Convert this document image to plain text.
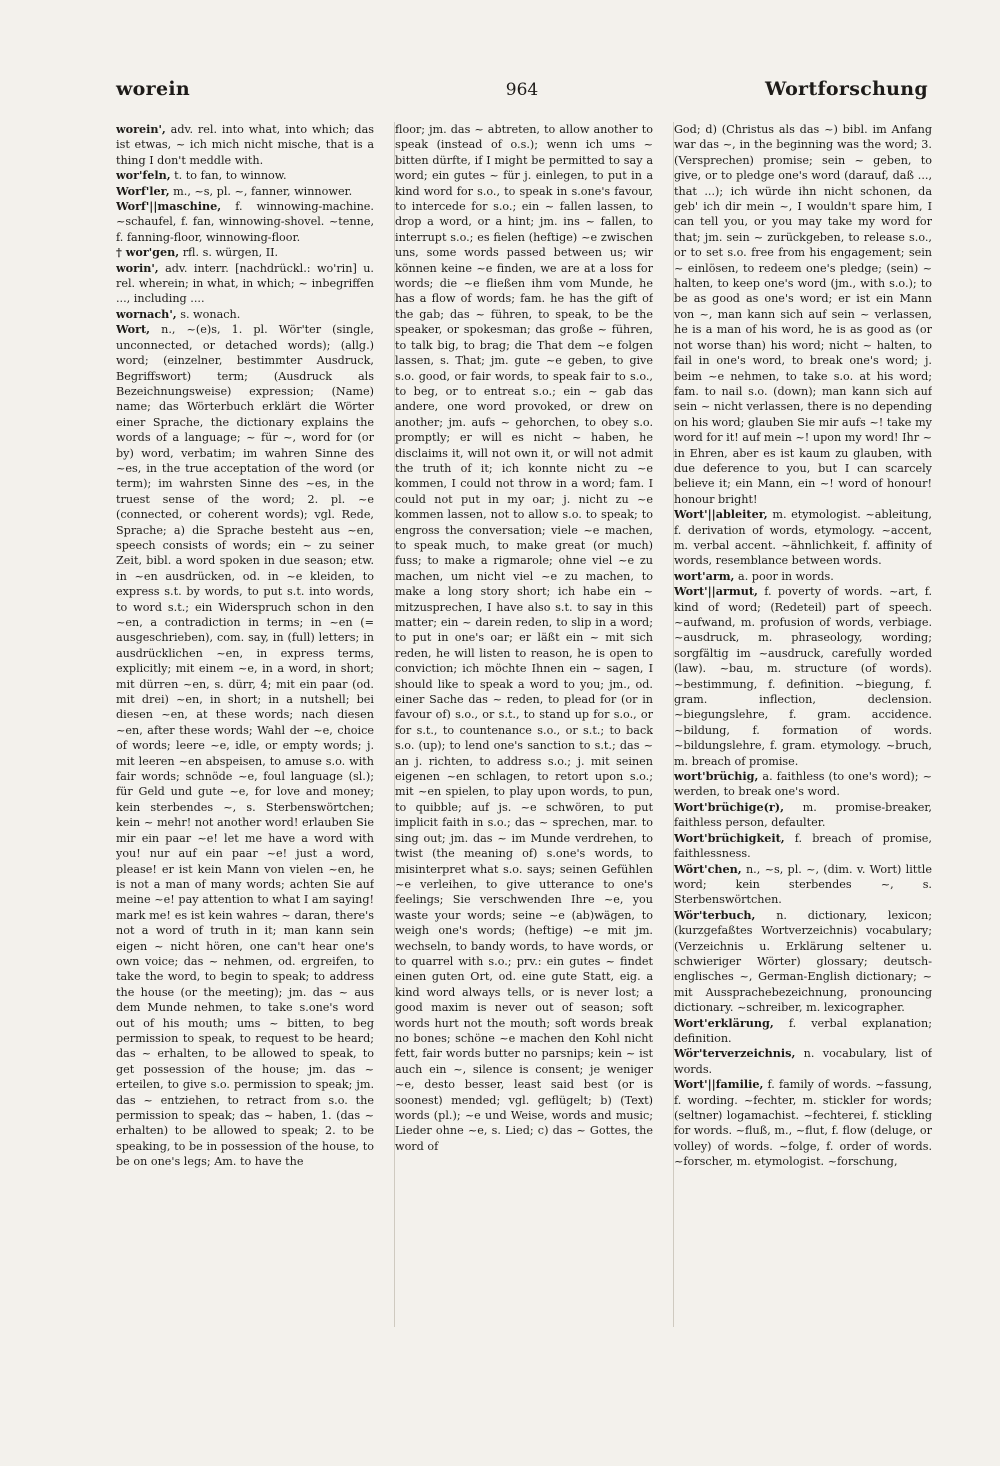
worein	964	Wortforschung

worein', adv. rel. into what, into which; das ist etwas, ~ ich mich nicht mische, that is a thing I don't meddle with.

wor'feln, t. to fan, to winnow.

Worf'ler, m., ~s, pl. ~, fanner, winnower.

Worf'||maschine, f. winnowing-machine. ~schaufel, f. fan, winnowing-shovel. ~tenne, f. fanning-floor, winnowing-floor.

† wor'gen, rfl. s. würgen, II.

worin', adv. interr. [nachdrückl.: wo'rin] u. rel. wherein; in what, in which; ~ inbegriffen ..., including ....

wornach', s. wonach.

Wort, n., ~(e)s, 1. pl. Wör'ter (single, unconnected, or detached words); (allg.) word; (einzelner, bestimmter Ausdruck, Begriffswort) term; (Ausdruck als Bezeichnungsweise) expression; (Name) name; das Wörterbuch erklärt die Wörter einer Sprache, the dictionary explains the words of a language; ~ für ~, word for (or by) word, verbatim; im wahren Sinne des ~es, in the true acceptation of the word (or term); im wahrsten Sinne des ~es, in the truest sense of the word; 2. pl. ~e (connected, or coherent words); vgl. Rede, Sprache; a) die Sprache besteht aus ~en, speech consists of words; ein ~ zu seiner Zeit, bibl. a word spoken in due season; etw. in ~en ausdrücken, od. in ~e kleiden, to express s.t. by words, to put s.t. into words, to word s.t.; ein Widerspruch schon in den ~en, a contradiction in terms; in ~en (= ausgeschrieben), com. say, in (full) letters; in ausdrücklichen ~en, in express terms, explicitly; mit einem ~e, in a word, in short; mit dürren ~en, s. dürr, 4; mit ein paar (od. mit drei) ~en, in short; in a nutshell; bei diesen ~en, at these words; nach diesen ~en, after these words; Wahl der ~e, choice of words; leere ~e, idle, or empty words; j. mit leeren ~en abspeisen, to amuse s.o. with fair words; schnöde ~e, foul language (sl.); für Geld und gute ~e, for love and money; kein sterbendes ~, s. Sterbenswörtchen; kein ~ mehr! not another word! erlauben Sie mir ein paar ~e! let me have a word with you! nur auf ein paar ~e! just a word, please! er ist kein Mann von vielen ~en, he is not a man of many words; achten Sie auf meine ~e! pay attention to what I am saying! mark me! es ist kein wahres ~ daran, there's not a word of truth in it; man kann sein eigen ~ nicht hören, one can't hear one's own voice; das ~ nehmen, od. ergreifen, to take the word, to begin to speak; to address the house (or the meeting); jm. das ~ aus dem Munde nehmen, to take s.one's word out of his mouth; ums ~ bitten, to beg permission to speak, to request to be heard; das ~ erhalten, to be allowed to speak, to get possession of the house; jm. das ~ erteilen, to give s.o. permission to speak; jm. das ~ entziehen, to retract from s.o. the permission to speak; das ~ haben, 1. (das ~ erhalten) to be allowed to speak; 2. to be speaking, to be in possession of the house, to be on one's legs; Am. to have the

floor; jm. das ~ abtreten, to allow another to speak (instead of o.s.); wenn ich ums ~ bitten dürfte, if I might be permitted to say a word; ein gutes ~ für j. einlegen, to put in a kind word for s.o., to speak in s.one's favour, to intercede for s.o.; ein ~ fallen lassen, to drop a word, or a hint; jm. ins ~ fallen, to interrupt s.o.; es fielen (heftige) ~e zwischen uns, some words passed between us; wir können keine ~e finden, we are at a loss for words; die ~e fließen ihm vom Munde, he has a flow of words; fam. he has the gift of the gab; das ~ führen, to speak, to be the speaker, or spokesman; das große ~ führen, to talk big, to brag; die That dem ~e folgen lassen, s. That; jm. gute ~e geben, to give s.o. good, or fair words, to speak fair to s.o., to beg, or to entreat s.o.; ein ~ gab das andere, one word provoked, or drew on another; jm. aufs ~ gehorchen, to obey s.o. promptly; er will es nicht ~ haben, he disclaims it, will not own it, or will not admit the truth of it; ich konnte nicht zu ~e kommen, I could not throw in a word; fam. I could not put in my oar; j. nicht zu ~e kommen lassen, not to allow s.o. to speak; to engross the conversation; viele ~e machen, to speak much, to make great (or much) fuss; to make a rigmarole; ohne viel ~e zu machen, um nicht viel ~e zu machen, to make a long story short; ich habe ein ~ mitzusprechen, I have also s.t. to say in this matter; ein ~ darein reden, to slip in a word; to put in one's oar; er läßt ein ~ mit sich reden, he will listen to reason, he is open to conviction; ich möchte Ihnen ein ~ sagen, I should like to speak a word to you; jm., od. einer Sache das ~ reden, to plead for (or in favour of) s.o., or s.t., to stand up for s.o., or for s.t., to countenance s.o., or s.t.; to back s.o. (up); to lend one's sanction to s.t.; das ~ an j. richten, to address s.o.; j. mit seinen eigenen ~en schlagen, to retort upon s.o.; mit ~en spielen, to play upon words, to pun, to quibble; auf js. ~e schwören, to put implicit faith in s.o.; das ~ sprechen, mar. to sing out; jm. das ~ im Munde verdrehen, to twist (the meaning of) s.one's words, to misinterpret what s.o. says; seinen Gefühlen ~e verleihen, to give utterance to one's feelings; Sie verschwenden Ihre ~e, you waste your words; seine ~e (ab)wägen, to weigh one's words; (heftige) ~e mit jm. wechseln, to bandy words, to have words, or to quarrel with s.o.; prv.: ein gutes ~ findet einen guten Ort, od. eine gute Statt, eig. a kind word always tells, or is never lost; a good maxim is never out of season; soft words hurt not the mouth; soft words break no bones; schöne ~e machen den Kohl nicht fett, fair words butter no parsnips; kein ~ ist auch ein ~, silence is consent; je weniger ~e, desto besser, least said best (or is soonest) mended; vgl. geflügelt; b) (Text) words (pl.); ~e und Weise, words and music; Lieder ohne ~e, s. Lied; c) das ~ Gottes, the word of

God; d) (Christus als das ~) bibl. im Anfang war das ~, in the beginning was the word; 3. (Versprechen) promise; sein ~ geben, to give, or to pledge one's word (darauf, daß ..., that ...); ich würde ihn nicht schonen, da geb' ich dir mein ~, I wouldn't spare him, I can tell you, or you may take my word for that; jm. sein ~ zurückgeben, to release s.o., or to set s.o. free from his engagement; sein ~ einlösen, to redeem one's pledge; (sein) ~ halten, to keep one's word (jm., with s.o.); to be as good as one's word; er ist ein Mann von ~, man kann sich auf sein ~ verlassen, he is a man of his word, he is as good as (or not worse than) his word; nicht ~ halten, to fail in one's word, to break one's word; j. beim ~e nehmen, to take s.o. at his word; fam. to nail s.o. (down); man kann sich auf sein ~ nicht verlassen, there is no depending on his word; glauben Sie mir aufs ~! take my word for it! auf mein ~! upon my word! Ihr ~ in Ehren, aber es ist kaum zu glauben, with due deference to you, but I can scarcely believe it; ein Mann, ein ~! word of honour! honour bright!

Wort'||ableiter, m. etymologist. ~ableitung, f. derivation of words, etymology. ~accent, m. verbal accent. ~ähnlichkeit, f. affinity of words, resemblance between words.

wort'arm, a. poor in words.

Wort'||armut, f. poverty of words. ~art, f. kind of word; (Redeteil) part of speech. ~aufwand, m. profusion of words, verbiage. ~ausdruck, m. phraseology, wording; sorgfältig im ~ausdruck, carefully worded (law). ~bau, m. structure (of words). ~bestimmung, f. definition. ~biegung, f. gram. inflection, declension. ~biegungslehre, f. gram. accidence. ~bildung, f. formation of words. ~bildungslehre, f. gram. etymology. ~bruch, m. breach of promise.

wort'brüchig, a. faithless (to one's word); ~ werden, to break one's word.

Wort'brüchige(r), m. promise-breaker, faithless person, defaulter.

Wort'brüchigkeit, f. breach of promise, faithlessness.

Wört'chen, n., ~s, pl. ~, (dim. v. Wort) little word; kein sterbendes ~, s. Sterbenswörtchen.

Wör'terbuch, n. dictionary, lexicon; (kurzgefaßtes Wortverzeichnis) vocabulary; (Verzeichnis u. Erklärung seltener u. schwieriger Wörter) glossary; deutsch-englisches ~, German-English dictionary; ~ mit Aussprachebezeichnung, pronouncing dictionary. ~schreiber, m. lexicographer.

Wort'erklärung, f. verbal explanation; definition.

Wör'terverzeichnis, n. vocabulary, list of words.

Wort'||familie, f. family of words. ~fassung, f. wording. ~fechter, m. stickler for words; (seltner) logamachist. ~fechterei, f. stickling for words. ~fluß, m., ~flut, f. flow (deluge, or volley) of words. ~folge, f. order of words. ~forscher, m. etymologist. ~forschung,
